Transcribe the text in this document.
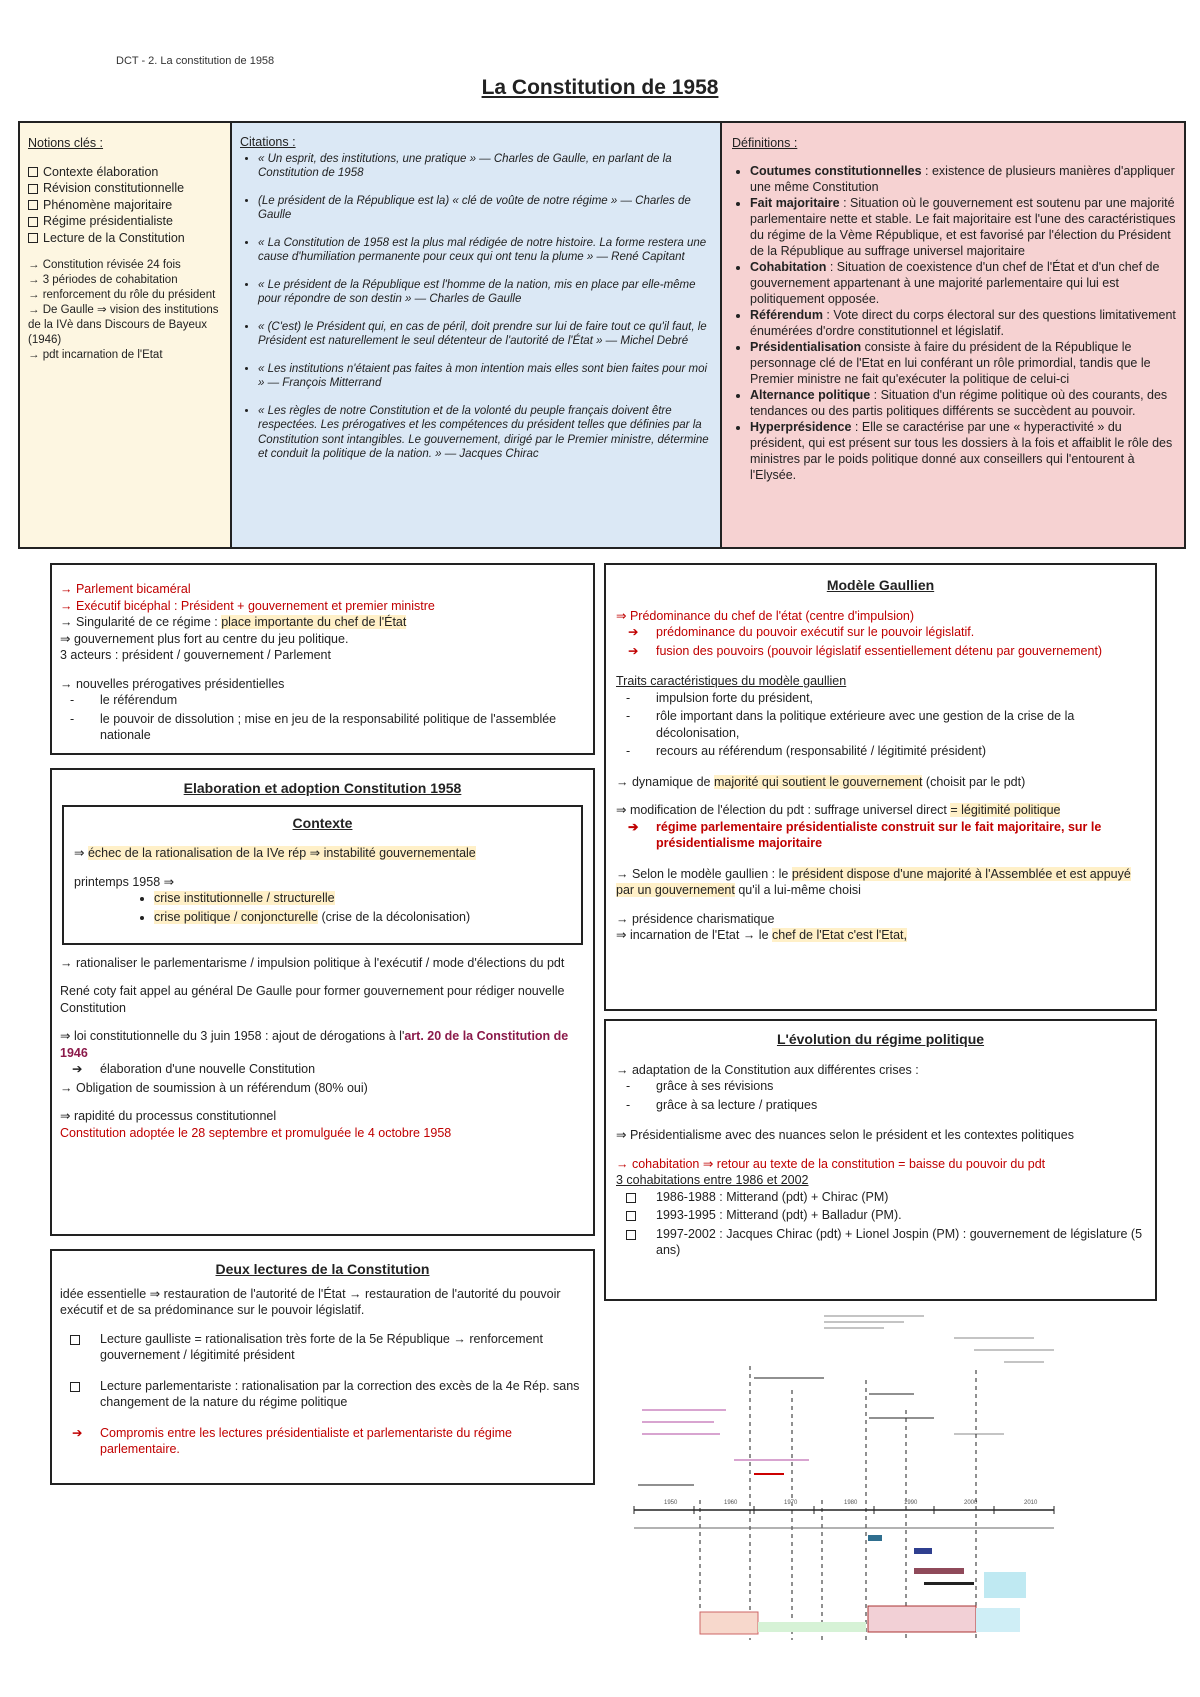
DCT - 2. La constitution de 1958
La Constitution de 1958

Notions clés :

Contexte élaboration
Révision constitutionnelle
Phénomène majoritaire
Régime présidentialiste
Lecture de la Constitution

→ Constitution révisée 24 fois

→ 3 périodes de cohabitation

→ renforcement du rôle du président

→ De Gaulle ⇒ vision des institutions de la IVè dans Discours de Bayeux (1946)

→ pdt incarnation de l'Etat

Citations :

• « Un esprit, des institutions, une pratique » — Charles de Gaulle, en parlant de la Constitution de 1958
• (Le président de la République est la) « clé de voûte de notre régime » — Charles de Gaulle
• « La Constitution de 1958 est la plus mal rédigée de notre histoire. La forme restera une cause d'humiliation permanente pour ceux qui ont tenu la plume » — René Capitant
• « Le président de la République est l'homme de la nation, mis en place par elle-même pour répondre de son destin » — Charles de Gaulle
• « (C'est) le Président qui, en cas de péril, doit prendre sur lui de faire tout ce qu'il faut, le Président est naturellement le seul détenteur de l'autorité de l'État » — Michel Debré
• « Les institutions n'étaient pas faites à mon intention mais elles sont bien faites pour moi » — François Mitterrand
• « Les règles de notre Constitution et de la volonté du peuple français doivent être respectées. Les prérogatives et les compétences du président telles que définies par la Constitution sont intangibles. Le gouvernement, dirigé par le Premier ministre, détermine et conduit la politique de la nation. » — Jacques Chirac

Définitions :

• Coutumes constitutionnelles : existence de plusieurs manières d'appliquer une même Constitution
• Fait majoritaire : Situation où le gouvernement est soutenu par une majorité parlementaire nette et stable. Le fait majoritaire est l'une des caractéristiques du régime de la Vème République, et est favorisé par l'élection du Président de la République au suffrage universel majoritaire
• Cohabitation : Situation de coexistence d'un chef de l'État et d'un chef de gouvernement appartenant à une majorité parlementaire qui lui est politiquement opposée.
• Référendum : Vote direct du corps électoral sur des questions limitativement énumérées d'ordre constitutionnel et législatif.
• Présidentialisation consiste à faire du président de la République le personnage clé de l'Etat en lui conférant un rôle primordial, tandis que le Premier ministre ne fait qu'exécuter la politique de celui-ci
• Alternance politique : Situation d'un régime politique où des courants, des tendances ou des partis politiques différents se succèdent au pouvoir.
• Hyperprésidence : Elle se caractérise par une « hyperactivité » du président, qui est présent sur tous les dossiers à la fois et affaiblit le rôle des ministres par le poids politique donné aux conseillers qui l'entourent à l'Elysée.

→ Parlement bicaméral

→ Exécutif bicéphal : Président + gouvernement et premier ministre

→ Singularité de ce régime : place importante du chef de l'État

⇒ gouvernement plus fort au centre du jeu politique.

3 acteurs : président / gouvernement / Parlement

→ nouvelles prérogatives présidentielles

- le référendum
- le pouvoir de dissolution ; mise en jeu de la responsabilité politique de l'assemblée nationale
Elaboration et adoption Constitution 1958
Contexte

⇒ échec de la rationalisation de la IVe rép ⇒ instabilité gouvernementale

printemps 1958 ⇒

• crise institutionnelle / structurelle
• crise politique / conjoncturelle (crise de la décolonisation)

→ rationaliser le parlementarisme / impulsion politique à l'exécutif / mode d'élections du pdt

René coty fait appel au général De Gaulle pour former gouvernement pour rédiger nouvelle Constitution

⇒ loi constitutionnelle du 3 juin 1958 : ajout de dérogations à l'art. 20 de la Constitution de 1946

➔ élaboration d'une nouvelle Constitution

→ Obligation de soumission à un référendum (80% oui)

⇒ rapidité du processus constitutionnel

Constitution adoptée le 28 septembre et promulguée le 4 octobre 1958

Deux lectures de la Constitution

idée essentielle ⇒ restauration de l'autorité de l'État → restauration de l'autorité du pouvoir exécutif et de sa prédominance sur le pouvoir législatif.

Lecture gaulliste = rationalisation très forte de la 5e République → renforcement gouvernement / légitimité président
Lecture parlementariste : rationalisation par la correction des excès de la 4e Rép. sans changement de la nature du régime politique
➔ Compromis entre les lectures présidentialiste et parlementariste du régime parlementaire.
Modèle Gaullien

⇒ Prédominance du chef de l'état (centre d'impulsion)

➔ prédominance du pouvoir exécutif sur le pouvoir législatif.
➔ fusion des pouvoirs (pouvoir législatif essentiellement détenu par gouvernement)

Traits caractéristiques du modèle gaullien

- impulsion forte du président,
- rôle important dans la politique extérieure avec une gestion de la crise de la décolonisation,
- recours au référendum (responsabilité / légitimité président)

→ dynamique de majorité qui soutient le gouvernement (choisit par le pdt)

⇒ modification de l'élection du pdt : suffrage universel direct = légitimité politique

➔ régime parlementaire présidentialiste construit sur le fait majoritaire, sur le présidentialisme majoritaire

→ Selon le modèle gaullien : le président dispose d'une majorité à l'Assemblée et est appuyé par un gouvernement qu'il a lui-même choisi

→ présidence charismatique

⇒ incarnation de l'Etat → le chef de l'Etat c'est l'Etat,

L'évolution du régime politique

→ adaptation de la Constitution aux différentes crises :

- grâce à ses révisions
- grâce à sa lecture / pratiques

⇒ Présidentialisme avec des nuances selon le président et les contextes politiques

→ cohabitation ⇒ retour au texte de la constitution = baisse du pouvoir du pdt

3 cohabitations entre 1986 et 2002

1986-1988 : Mitterand (pdt) + Chirac (PM)
1993-1995 : Mitterand (pdt) + Balladur (PM).
1997-2002 : Jacques Chirac (pdt) + Lionel Jospin (PM) : gouvernement de législature (5 ans)
1950	1960	1970	1980	1990	2000	2010
